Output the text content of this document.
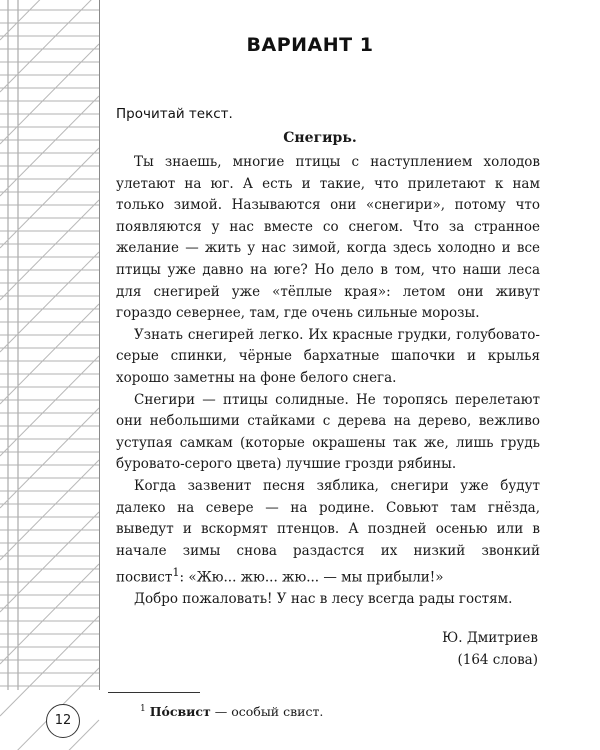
ВАРИАНТ 1
Прочитай текст.
Снегирь.

Ты знаешь, многие птицы с наступлением холодов улетают на юг. А есть и такие, что прилетают к нам только зимой. Называются они «снегири», потому что появляются у нас вместе со снегом. Что за странное желание — жить у нас зимой, когда здесь холодно и все птицы уже давно на юге? Но дело в том, что наши леса для снегирей уже «тёплые края»: летом они живут гораздо севернее, там, где очень сильные морозы.

Узнать снегирей легко. Их красные грудки, голубовато-серые спинки, чёрные бархатные шапочки и крылья хорошо заметны на фоне белого снега.

Снегири — птицы солидные. Не торопясь перелетают они небольшими стайками с дерева на дерево, вежливо уступая самкам (которые окрашены так же, лишь грудь буровато-серого цвета) лучшие грозди рябины.

Когда зазвенит песня зяблика, снегири уже будут далеко на севере — на родине. Совьют там гнёзда, выведут и вскормят птенцов. А поздней осенью или в начале зимы снова раздастся их низкий звонкий посвист$^1$: «Жю... жю... жю... — мы прибыли!»

Добро пожаловать! У нас в лесу всегда рады гостям.

Ю. Дмитриев
(164 слова)
$^1$ Пóсвист — особый свист.
12
